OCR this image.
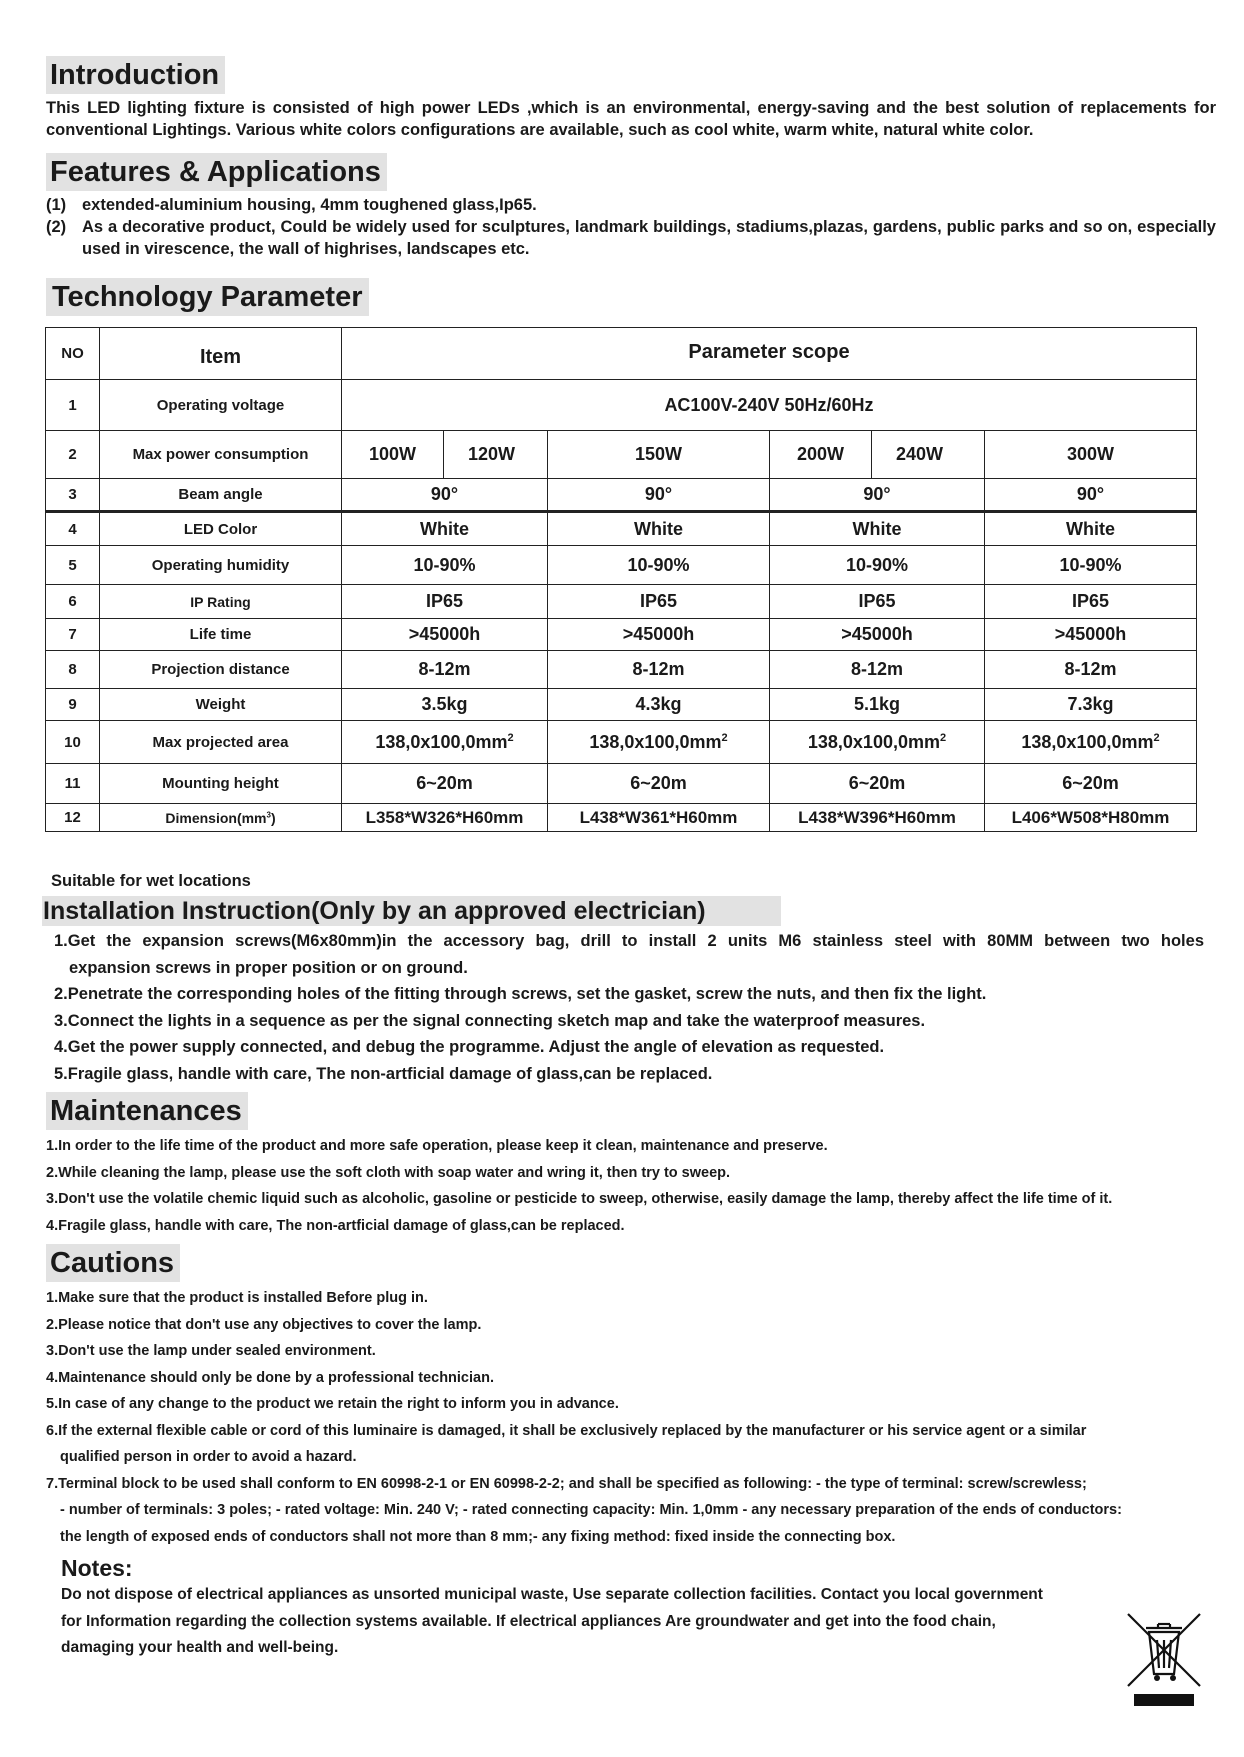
Introduction
This LED lighting fixture is consisted of high power LEDs ,which is an environmental, energy-saving and the best solution of replacements for conventional Lightings. Various white colors configurations are available, such as cool white, warm white, natural white color.
Features & Applications
(1) extended-aluminium housing, 4mm toughened glass,Ip65.
(2) As a decorative product, Could be widely used for sculptures, landmark buildings, stadiums,plazas, gardens, public parks and so on, especially used in virescence, the wall of highrises, landscapes etc.
Technology Parameter
NO	Item	Parameter scope					
1	Operating voltage	AC100V-240V 50Hz/60Hz					
2	Max power consumption	100W	120W	150W	200W	240W	300W
3	Beam angle	90°		90°	90°		90°
4	LED Color	White		White	White		White
5	Operating humidity	10-90%		10-90%	10-90%		10-90%
6	IP Rating	IP65		IP65	IP65		IP65
7	Life time	>45000h		>45000h	>45000h		>45000h
8	Projection distance	8-12m		8-12m	8-12m		8-12m
9	Weight	3.5kg		4.3kg	5.1kg		7.3kg
10	Max projected area	$138,0x100,0mm^2$		$138,0x100,0mm^2$	$138,0x100,0mm^2$		$138,0x100,0mm^2$
11	Mounting height	6~20m		6~20m	6~20m		6~20m
12	$Dimension(mm^3)$	L358*W326*H60mm		L438*W361*H60mm	L438*W396*H60mm		L406*W508*H80mm
Suitable for wet locations
Installation Instruction(Only by an approved electrician)
1.Get the expansion screws(M6x80mm)in the accessory bag, drill to install 2 units M6 stainless steel with 80MM between two holes
expansion screws in proper position or on ground.
2.Penetrate the corresponding holes of the fitting through screws, set the gasket, screw the nuts, and then fix the light.
3.Connect the lights in a sequence as per the signal connecting sketch map and take the waterproof measures.
4.Get the power supply connected, and debug the programme. Adjust the angle of elevation as requested.
5.Fragile glass, handle with care, The non-artficial damage of glass,can be replaced.
Maintenances
1.In order to the life time of the product and more safe operation, please keep it clean, maintenance and preserve.
2.While cleaning the lamp, please use the soft cloth with soap water and wring it, then try to sweep.
3.Don't use the volatile chemic liquid such as alcoholic, gasoline or pesticide to sweep, otherwise, easily damage the lamp, thereby affect the life time of it.
4.Fragile glass, handle with care, The non-artficial damage of glass,can be replaced.
Cautions
1.Make sure that the product is installed Before plug in.
2.Please notice that don't use any objectives to cover the lamp.
3.Don't use the lamp under sealed environment.
4.Maintenance should only be done by a professional technician.
5.In case of any change to the product we retain the right to inform you in advance.
6.If the external flexible cable or cord of this luminaire is damaged, it shall be exclusively replaced by the manufacturer or his service agent or a similar
qualified person in order to avoid a hazard.
7.Terminal block to be used shall conform to EN 60998-2-1 or EN 60998-2-2; and shall be specified as following: - the type of terminal: screw/screwless;
- number of terminals: 3 poles; - rated voltage: Min. 240 V; - rated connecting capacity: Min. 1,0mm - any necessary preparation of the ends of conductors:
the length of exposed ends of conductors shall not more than 8 mm;- any fixing method: fixed inside the connecting box.
Notes:
Do not dispose of electrical appliances as unsorted municipal waste, Use separate collection facilities. Contact you local government
for Information regarding the collection systems available. If electrical appliances Are groundwater and get into the food chain,
damaging your health and well-being.
